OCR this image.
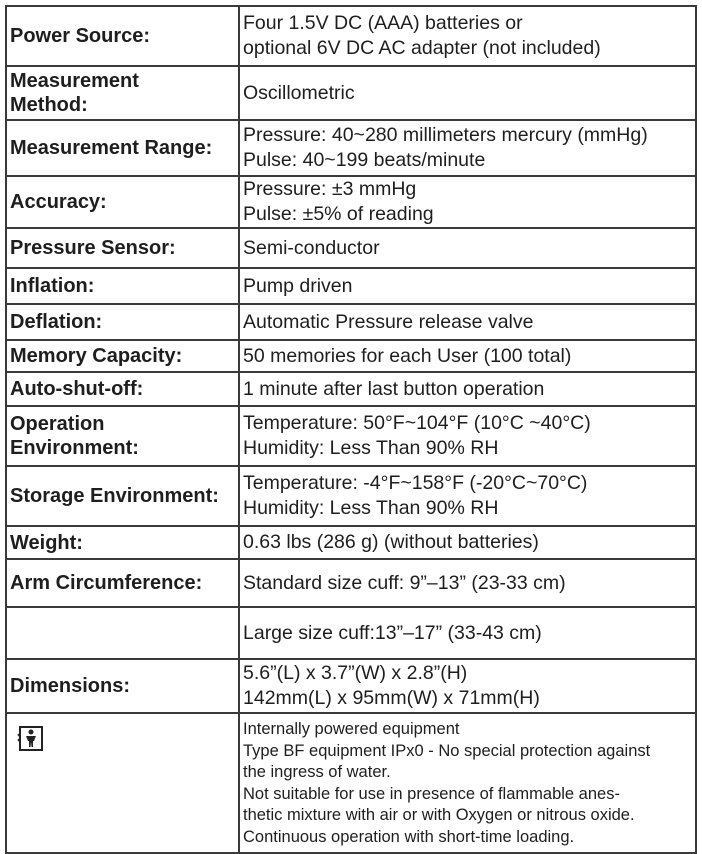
Power Source:	Four 1.5V DC (AAA) batteries or
optional 6V DC AC adapter (not included)

Measurement
Method:	Oscillometric

Measurement Range:	Pressure: 40~280 millimeters mercury (mmHg)
Pulse: 40~199 beats/minute

Accuracy:	Pressure: ±3 mmHg
Pulse: ±5% of reading

Pressure Sensor:	Semi-conductor

Inflation:	Pump driven

Deflation:	Automatic Pressure release valve

Memory Capacity:	50 memories for each User (100 total)

Auto-shut-off:	1 minute after last button operation

Operation
Environment:	Temperature: 50°F~104°F (10°C ~40°C)
Humidity: Less Than 90% RH

Storage Environment:	Temperature: -4°F~158°F (-20°C~70°C)
Humidity: Less Than 90% RH

Weight:	0.63 lbs (286 g) (without batteries)

Arm Circumference:	Standard size cuff: 9”–13” (23-33 cm)

	Large size cuff:13”–17” (33-43 cm)

Dimensions:	5.6”(L) x 3.7”(W) x 2.8”(H)
142mm(L) x 95mm(W) x 71mm(H)

Internally powered equipment
Type BF equipment IPx0 - No special protection against
the ingress of water.
Not suitable for use in presence of flammable anes-
thetic mixture with air or with Oxygen or nitrous oxide.
Continuous operation with short-time loading.
